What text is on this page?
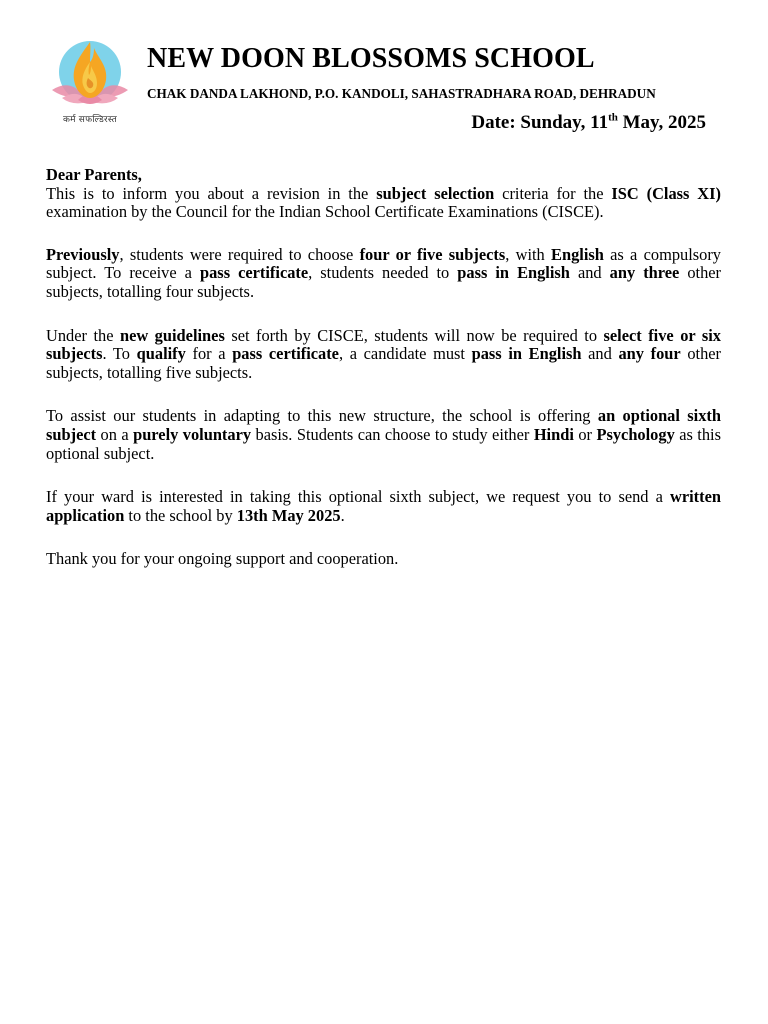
कर्म सफल्डिरस्त
NEW DOON BLOSSOMS SCHOOL
CHAK DANDA LAKHOND, P.O. KANDOLI, SAHASTRADHARA ROAD, DEHRADUN
Date: Sunday, 11th May, 2025

Dear Parents,

This is to inform you about a revision in the subject selection criteria for the ISC (Class XI) examination by the Council for the Indian School Certificate Examinations (CISCE).

Previously, students were required to choose four or five subjects, with English as a compulsory subject. To receive a pass certificate, students needed to pass in English and any three other subjects, totalling four subjects.

Under the new guidelines set forth by CISCE, students will now be required to select five or six subjects. To qualify for a pass certificate, a candidate must pass in English and any four other subjects, totalling five subjects.

To assist our students in adapting to this new structure, the school is offering an optional sixth subject on a purely voluntary basis. Students can choose to study either Hindi or Psychology as this optional subject.

If your ward is interested in taking this optional sixth subject, we request you to send a written application to the school by 13th May 2025.

Thank you for your ongoing support and cooperation.
